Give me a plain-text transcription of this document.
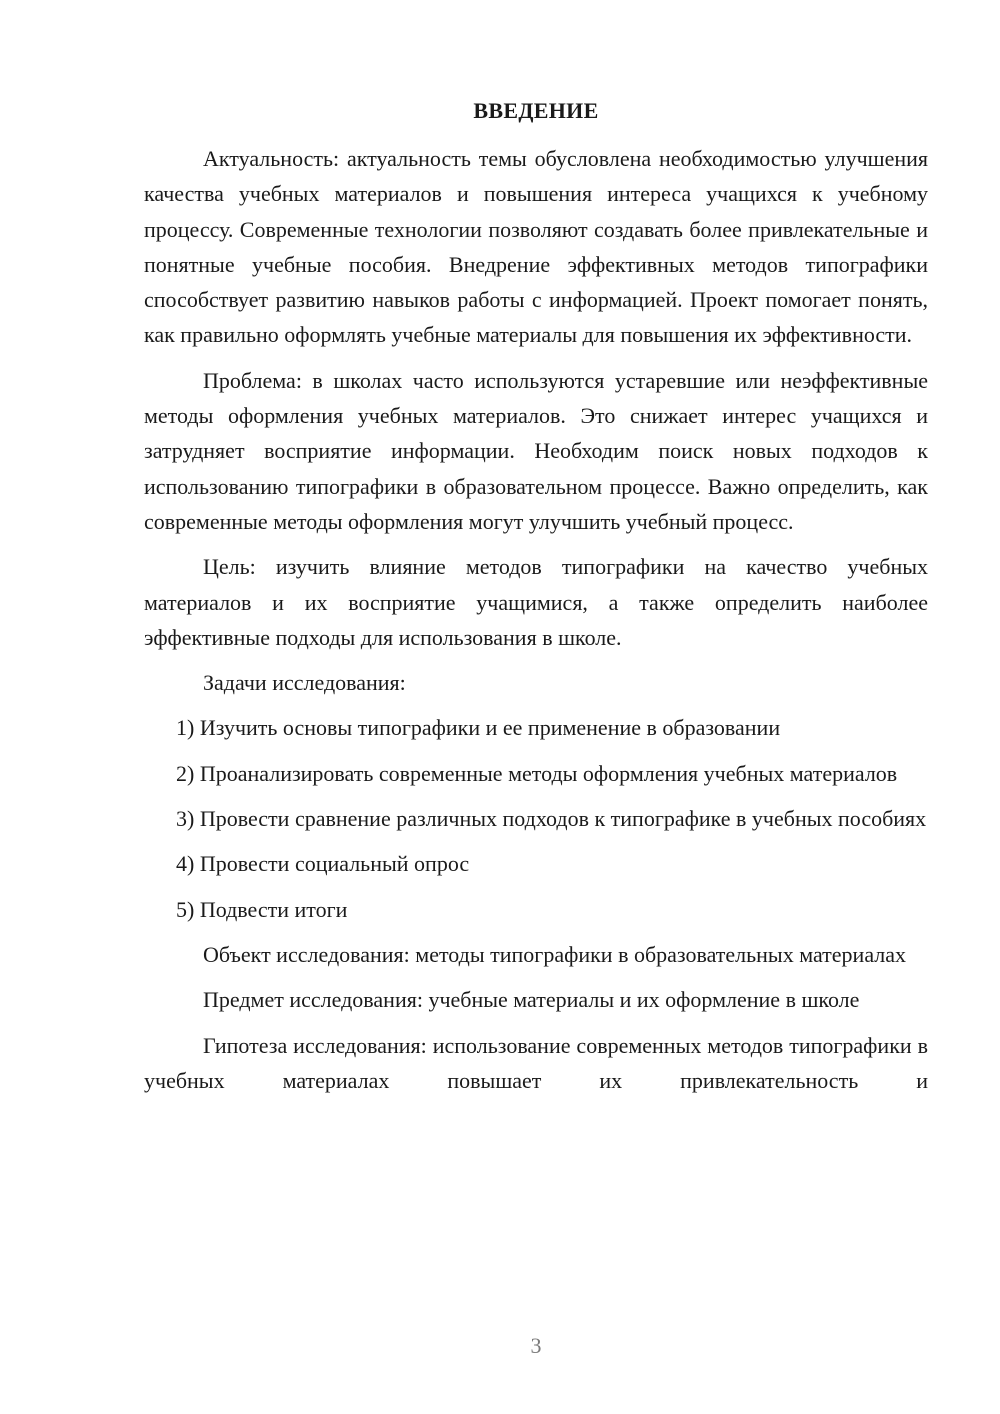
ВВЕДЕНИЕ

Актуальность: актуальность темы обусловлена необходимостью улучшения качества учебных материалов и повышения интереса учащихся к учебному процессу. Современные технологии позволяют создавать более привлекательные и понятные учебные пособия. Внедрение эффективных методов типографики способствует развитию навыков работы с информацией. Проект помогает понять, как правильно оформлять учебные материалы для повышения их эффективности.

Проблема: в школах часто используются устаревшие или неэффективные методы оформления учебных материалов. Это снижает интерес учащихся и затрудняет восприятие информации. Необходим поиск новых подходов к использованию типографики в образовательном процессе. Важно определить, как современные методы оформления могут улучшить учебный процесс.

Цель: изучить влияние методов типографики на качество учебных материалов и их восприятие учащимися, а также определить наиболее эффективные подходы для использования в школе.

Задачи исследования:

1) Изучить основы типографики и ее применение в образовании

2) Проанализировать современные методы оформления учебных материалов

3) Провести сравнение различных подходов к типографике в учебных пособиях

4) Провести социальный опрос

5) Подвести итоги

Объект исследования: методы типографики в образовательных материалах

Предмет исследования: учебные материалы и их оформление в школе

Гипотеза исследования: использование современных методов типографики в учебных материалах повышает их привлекательность и

3
